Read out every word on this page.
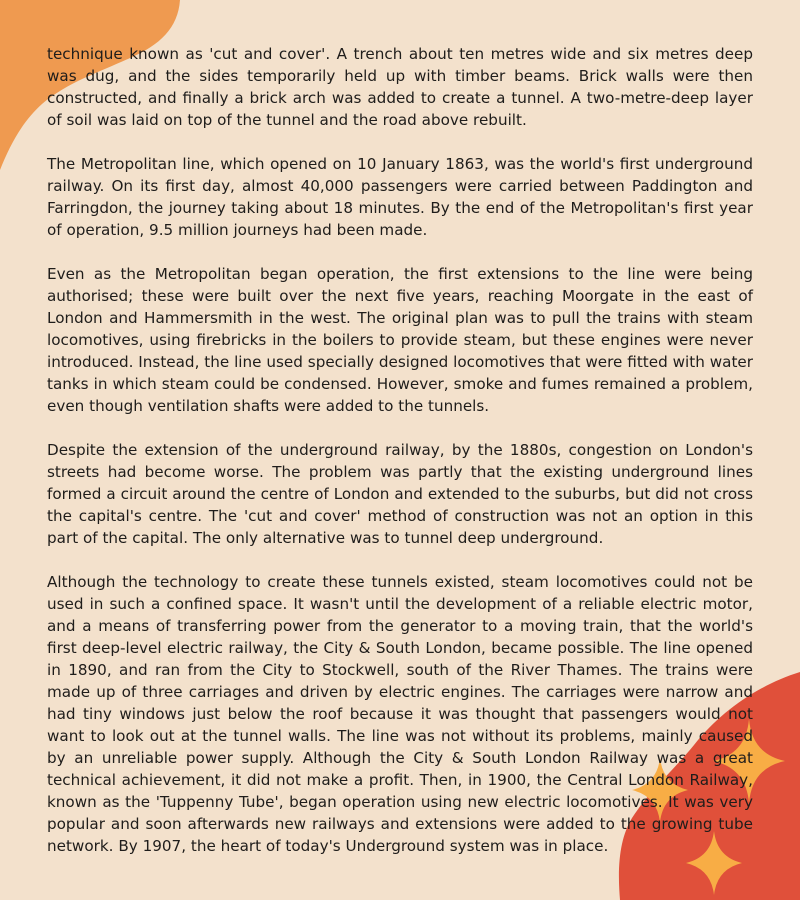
technique known as 'cut and cover'. A trench about ten metres wide and six metres deep was dug, and the sides temporarily held up with timber beams. Brick walls were then constructed, and finally a brick arch was added to create a tunnel. A two-metre-deep layer of soil was laid on top of the tunnel and the road above rebuilt.

The Metropolitan line, which opened on 10 January 1863, was the world's first underground railway. On its first day, almost 40,000 passengers were carried between Paddington and Farringdon, the journey taking about 18 minutes. By the end of the Metropolitan's first year of operation, 9.5 million journeys had been made.

Even as the Metropolitan began operation, the first extensions to the line were being authorised; these were built over the next five years, reaching Moorgate in the east of London and Hammersmith in the west. The original plan was to pull the trains with steam locomotives, using firebricks in the boilers to provide steam, but these engines were never introduced. Instead, the line used specially designed locomotives that were fitted with water tanks in which steam could be condensed. However, smoke and fumes remained a problem, even though ventilation shafts were added to the tunnels.

Despite the extension of the underground railway, by the 1880s, congestion on London's streets had become worse. The problem was partly that the existing underground lines formed a circuit around the centre of London and extended to the suburbs, but did not cross the capital's centre. The 'cut and cover' method of construction was not an option in this part of the capital. The only alternative was to tunnel deep underground.

Although the technology to create these tunnels existed, steam locomotives could not be used in such a confined space. It wasn't until the development of a reliable electric motor, and a means of transferring power from the generator to a moving train, that the world's first deep-level electric railway, the City & South London, became possible. The line opened in 1890, and ran from the City to Stockwell, south of the River Thames. The trains were made up of three carriages and driven by electric engines. The carriages were narrow and had tiny windows just below the roof because it was thought that passengers would not want to look out at the tunnel walls. The line was not without its problems, mainly caused by an unreliable power supply. Although the City & South London Railway was a great technical achievement, it did not make a profit. Then, in 1900, the Central London Railway, known as the 'Tuppenny Tube', began operation using new electric locomotives. It was very popular and soon afterwards new railways and extensions were added to the growing tube network. By 1907, the heart of today's Underground system was in place.
